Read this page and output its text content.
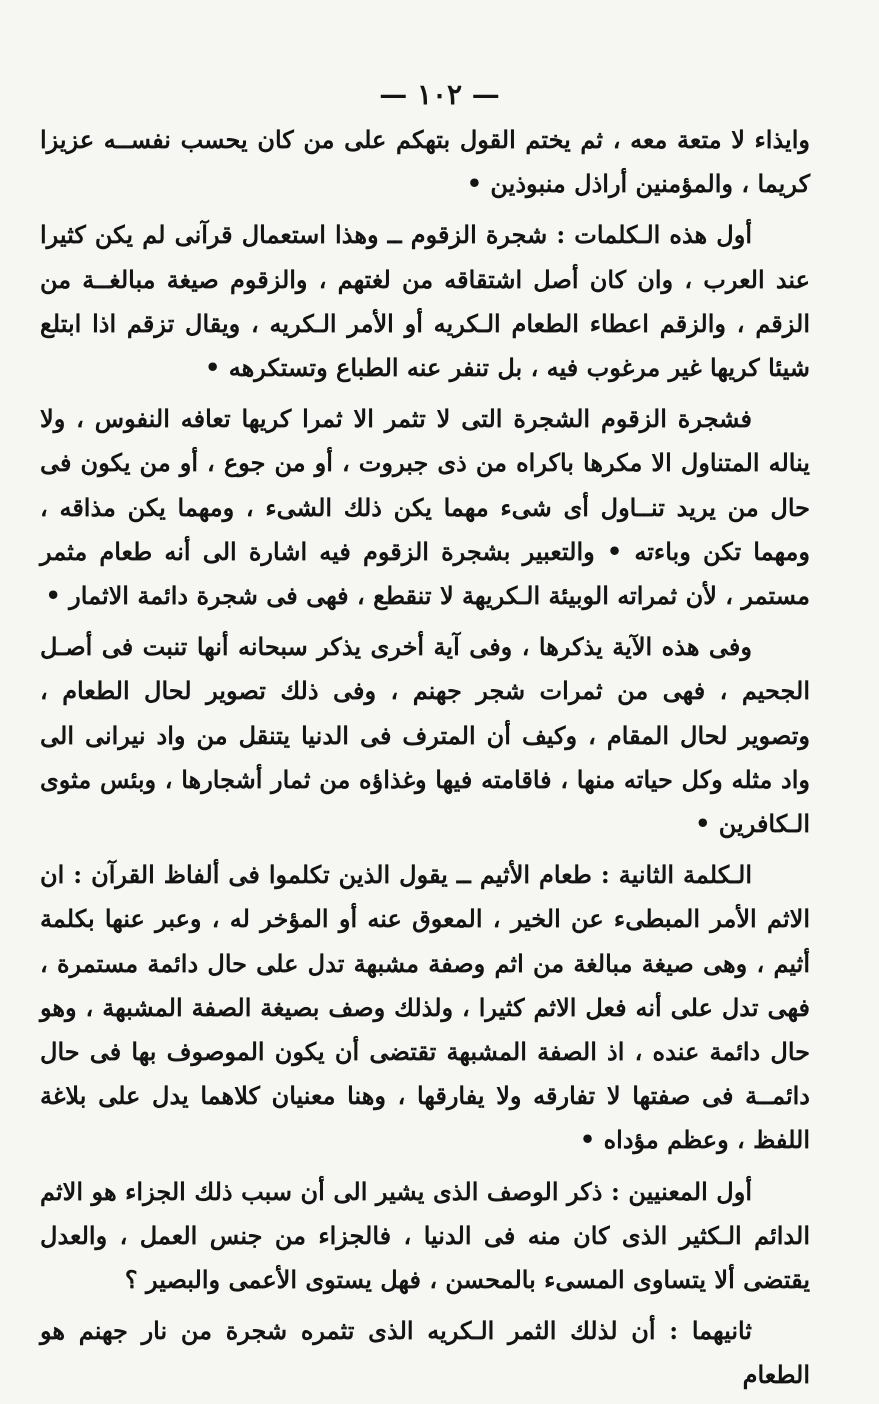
— ١٠٢ —

وايذاء لا متعة معه ، ثم يختم القول بتهكم على من كان يحسب نفســه عزيزا كريما ، والمؤمنين أراذل منبوذين •

أول هذه الـكلمات : شجرة الزقوم ــ وهذا استعمال قرآنى لم يكن كثيرا عند العرب ، وان كان أصل اشتقاقه من لغتهم ، والزقوم صيغة مبالغــة من الزقم ، والزقم اعطاء الطعام الـكريه أو الأمر الـكريه ، ويقال تزقم اذا ابتلع شيئا كريها غير مرغوب فيه ، بل تنفر عنه الطباع وتستكرهه •

فشجرة الزقوم الشجرة التى لا تثمر الا ثمرا كريها تعافه النفوس ، ولا يناله المتناول الا مكرها باكراه من ذى جبروت ، أو من جوع ، أو من يكون فى حال من يريد تنــاول أى شىء مهما يكن ذلك الشىء ، ومهما يكن مذاقه ، ومهما تكن وباءته • والتعبير بشجرة الزقوم فيه اشارة الى أنه طعام مثمر مستمر ، لأن ثمراته الوبيئة الـكريهة لا تنقطع ، فهى فى شجرة دائمة الاثمار •

وفى هذه الآية يذكرها ، وفى آية أخرى يذكر سبحانه أنها تنبت فى أصـل الجحيم ، فهى من ثمرات شجر جهنم ، وفى ذلك تصوير لحال الطعام ، وتصوير لحال المقام ، وكيف أن المترف فى الدنيا يتنقل من واد نيرانى الى واد مثله وكل حياته منها ، فاقامته فيها وغذاؤه من ثمار أشجارها ، وبئس مثوى الـكافرين •

الـكلمة الثانية : طعام الأثيم ــ يقول الذين تكلموا فى ألفاظ القرآن : ان الاثم الأمر المبطىء عن الخير ، المعوق عنه أو المؤخر له ، وعبر عنها بكلمة أثيم ، وهى صيغة مبالغة من اثم وصفة مشبهة تدل على حال دائمة مستمرة ، فهى تدل على أنه فعل الاثم كثيرا ، ولذلك وصف بصيغة الصفة المشبهة ، وهو حال دائمة عنده ، اذ الصفة المشبهة تقتضى أن يكون الموصوف بها فى حال دائمــة فى صفتها لا تفارقه ولا يفارقها ، وهنا معنيان كلاهما يدل على بلاغة اللفظ ، وعظم مؤداه •

أول المعنيين : ذكر الوصف الذى يشير الى أن سبب ذلك الجزاء هو الاثم الدائم الـكثير الذى كان منه فى الدنيا ، فالجزاء من جنس العمل ، والعدل يقتضى ألا يتساوى المسىء بالمحسن ، فهل يستوى الأعمى والبصير ؟

ثانيهما : أن لذلك الثمر الـكريه الذى تثمره شجرة من نار جهنم هو الطعام
